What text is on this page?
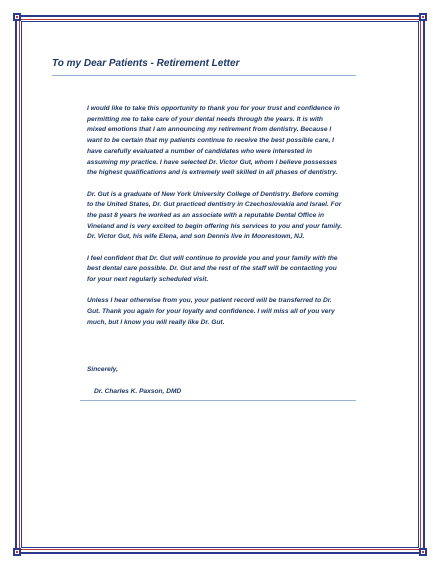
To my Dear Patients - Retirement Letter

I would like to take this opportunity to thank you for your trust and confidence in
permitting me to take care of your dental needs through the years. It is with
mixed emotions that I am announcing my retirement from dentistry. Because I
want to be certain that my patients continue to receive the best possible care, I
have carefully evaluated a number of candidates who were interested in
assuming my practice. I have selected Dr. Victor Gut, whom I believe possesses
the highest qualifications and is extremely well skilled in all phases of dentistry.

Dr. Gut is a graduate of New York University College of Dentistry. Before coming
to the United States, Dr. Gut practiced dentistry in Czechoslovakia and Israel. For
the past 8 years he worked as an associate with a reputable Dental Office in
Vineland and is very excited to begin offering his services to you and your family.
Dr. Victor Gut, his wife Elena, and son Dennis live in Moorestown, NJ.

I feel confident that Dr. Gut will continue to provide you and your family with the
best dental care possible. Dr. Gut and the rest of the staff will be contacting you
for your next regularly scheduled visit.

Unless I hear otherwise from you, your patient record will be transferred to Dr.
Gut. Thank you again for your loyalty and confidence. I will miss all of you very
much, but I know you will really like Dr. Gut.

Sincerely,
Dr. Charles K. Paxson, DMD
